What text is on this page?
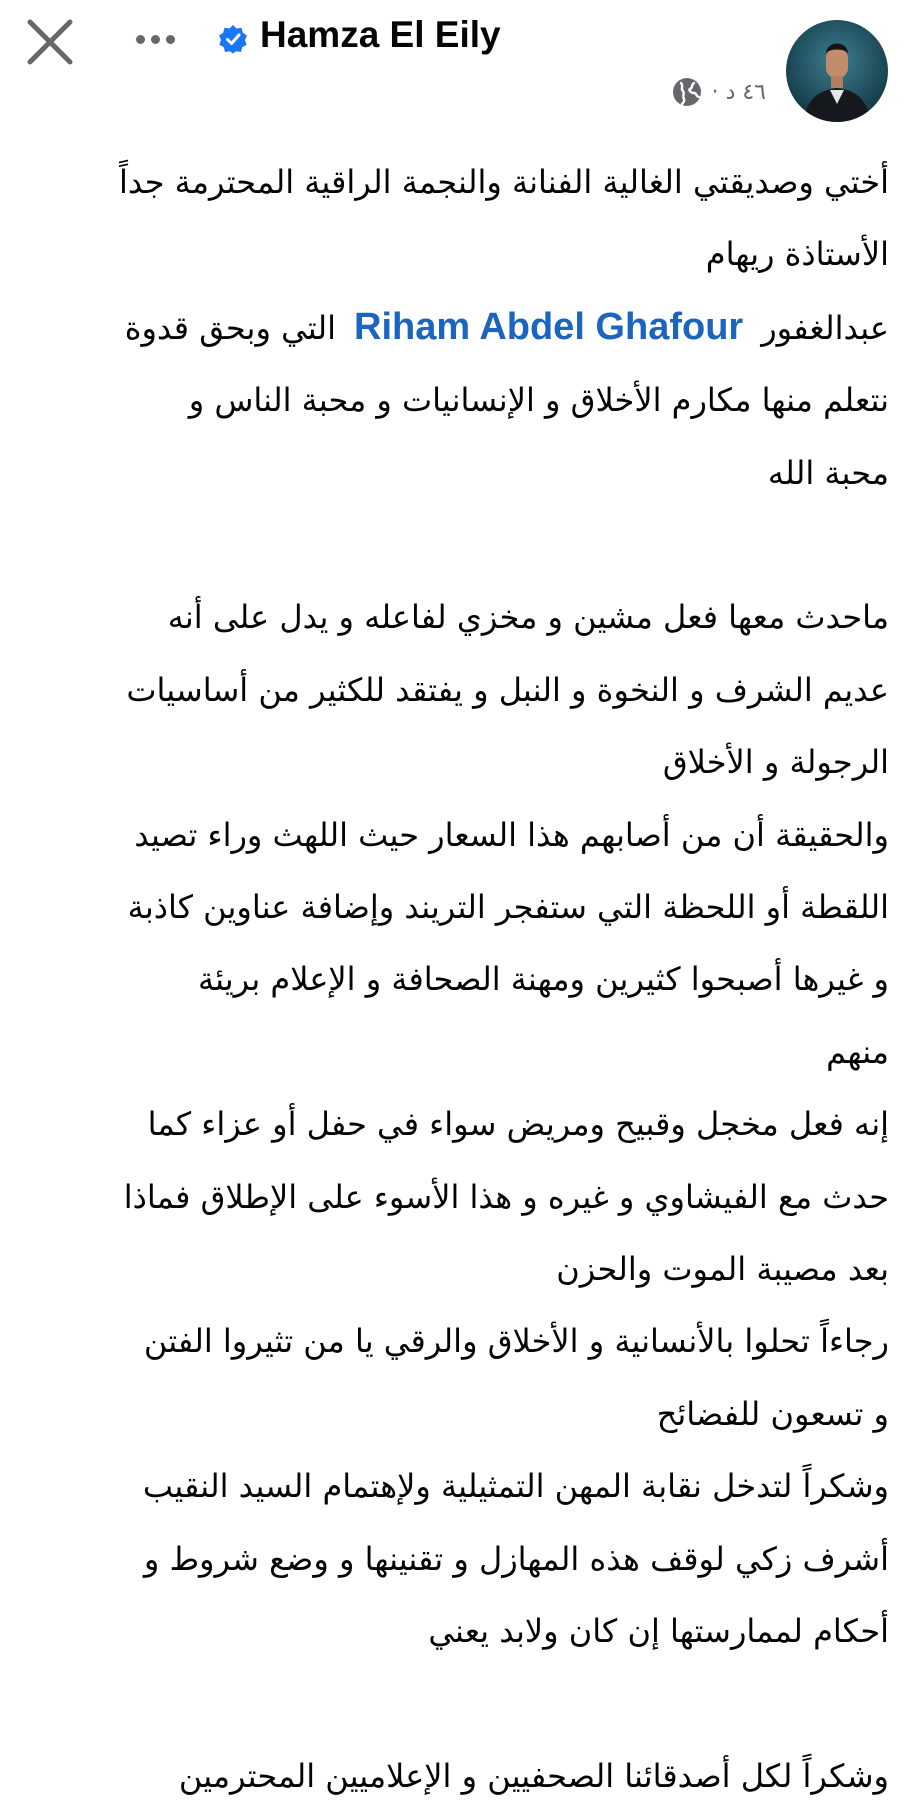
Hamza El Eily
٤٦ د ·

أختي وصديقتي الغالية الفنانة والنجمة الراقية المحترمة جداً

الأستاذة ريهام

عبدالغفورRiham Abdel Ghafourالتي وبحق قدوة

نتعلم منها مكارم الأخلاق و الإنسانيات و محبة الناس و

محبة الله

ماحدث معها فعل مشين و مخزي لفاعله و يدل على أنه

عديم الشرف و النخوة و النبل و يفتقد للكثير من أساسيات

الرجولة و الأخلاق

والحقيقة أن من أصابهم هذا السعار حيث اللهث وراء تصيد

اللقطة أو اللحظة التي ستفجر التريند وإضافة عناوين كاذبة

و غيرها أصبحوا كثيرين ومهنة الصحافة و الإعلام بريئة

منهم

إنه فعل مخجل وقبيح ومريض سواء في حفل أو عزاء كما

حدث مع الفيشاوي و غيره و هذا الأسوء على الإطلاق فماذا

بعد مصيبة الموت والحزن

رجاءاً تحلوا بالأنسانية و الأخلاق والرقي يا من تثيروا الفتن

و تسعون للفضائح

وشكراً لتدخل نقابة المهن التمثيلية ولإهتمام السيد النقيب

أشرف زكي لوقف هذه المهازل و تقنينها و وضع شروط و

أحكام لممارستها إن كان ولابد يعني

وشكراً لكل أصدقائنا الصحفيين و الإعلاميين المحترمين
